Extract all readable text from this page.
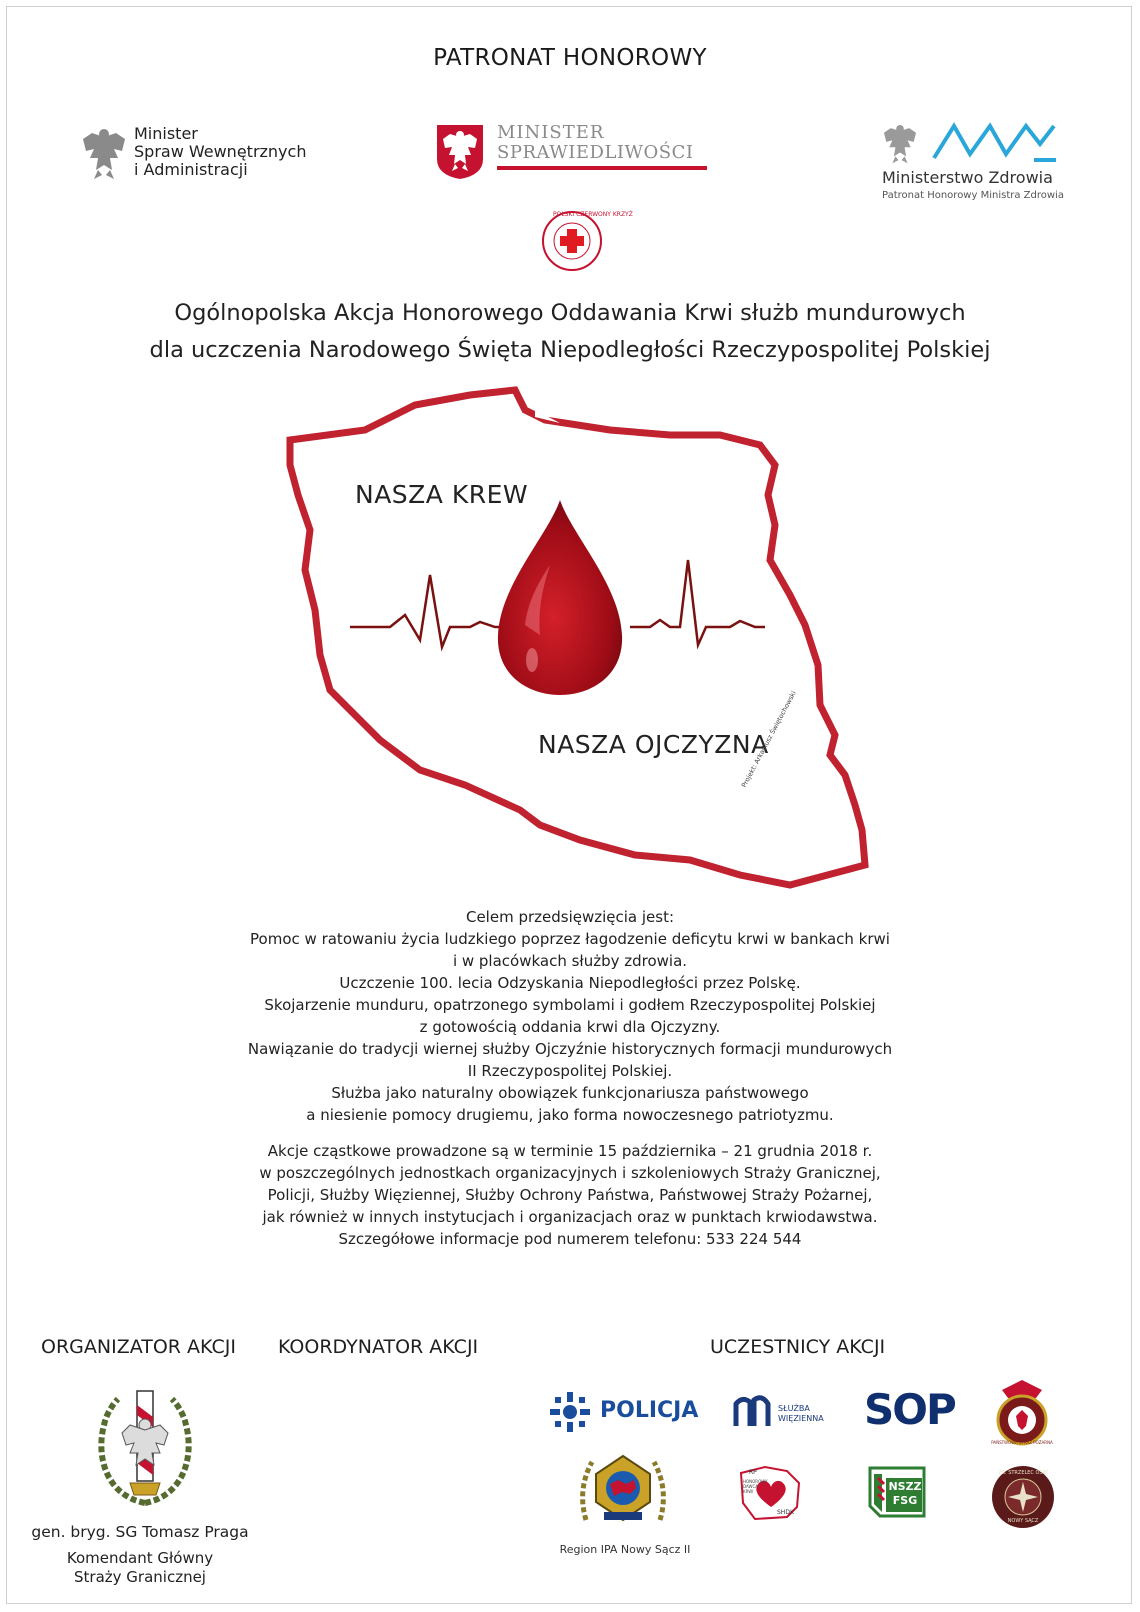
PATRONAT HONOROWY
Minister
Spraw Wewnętrznych
i Administracji
MINISTER
SPRAWIEDLIWOŚCI
Ministerstwo Zdrowia
Patronat Honorowy Ministra Zdrowia
POLSKI CZERWONY KRZYŻ
Ogólnopolska Akcja Honorowego Oddawania Krwi służb mundurowych
dla uczczenia Narodowego Święta Niepodległości Rzeczypospolitej Polskiej
NASZA KREW
NASZA OJCZYZNA
Projekt: Arkadiusz Świętochowski
Celem przedsięwzięcia jest:
Pomoc w ratowaniu życia ludzkiego poprzez łagodzenie deficytu krwi w bankach krwi
i w placówkach służby zdrowia.
Uczczenie 100. lecia Odzyskania Niepodległości przez Polskę.
Skojarzenie munduru, opatrzonego symbolami i godłem Rzeczypospolitej Polskiej
z gotowością oddania krwi dla Ojczyzny.
Nawiązanie do tradycji wiernej służby Ojczyźnie historycznych formacji mundurowych
II Rzeczypospolitej Polskiej.
Służba jako naturalny obowiązek funkcjonariusza państwowego
a niesienie pomocy drugiemu, jako forma nowoczesnego patriotyzmu.
Akcje cząstkowe prowadzone są w terminie 15 października – 21 grudnia 2018 r.
w poszczególnych jednostkach organizacyjnych i szkoleniowych Straży Granicznej,
Policji, Służby Więziennej, Służby Ochrony Państwa, Państwowej Straży Pożarnej,
jak również w innych instytucjach i organizacjach oraz w punktach krwiodawstwa.
Szczegółowe informacje pod numerem telefonu: 533 224 544
ORGANIZATOR AKCJI KOORDYNATOR AKCJI	UCZESTNICY AKCJI
gen. bryg. SG Tomasz Praga
Komendant Główny
Straży Granicznej
POLICJA	SŁUŻBA
WIĘZIENNA SOP
PAŃSTWOWA STRAŻ POŻARNA
Region IPA Nowy Sącz II
RP
HONOROWY DAWCA KRWI
SHDK
NSZZ
FSG
ZS. STRZELEC OSW
NOWY SĄCZ
